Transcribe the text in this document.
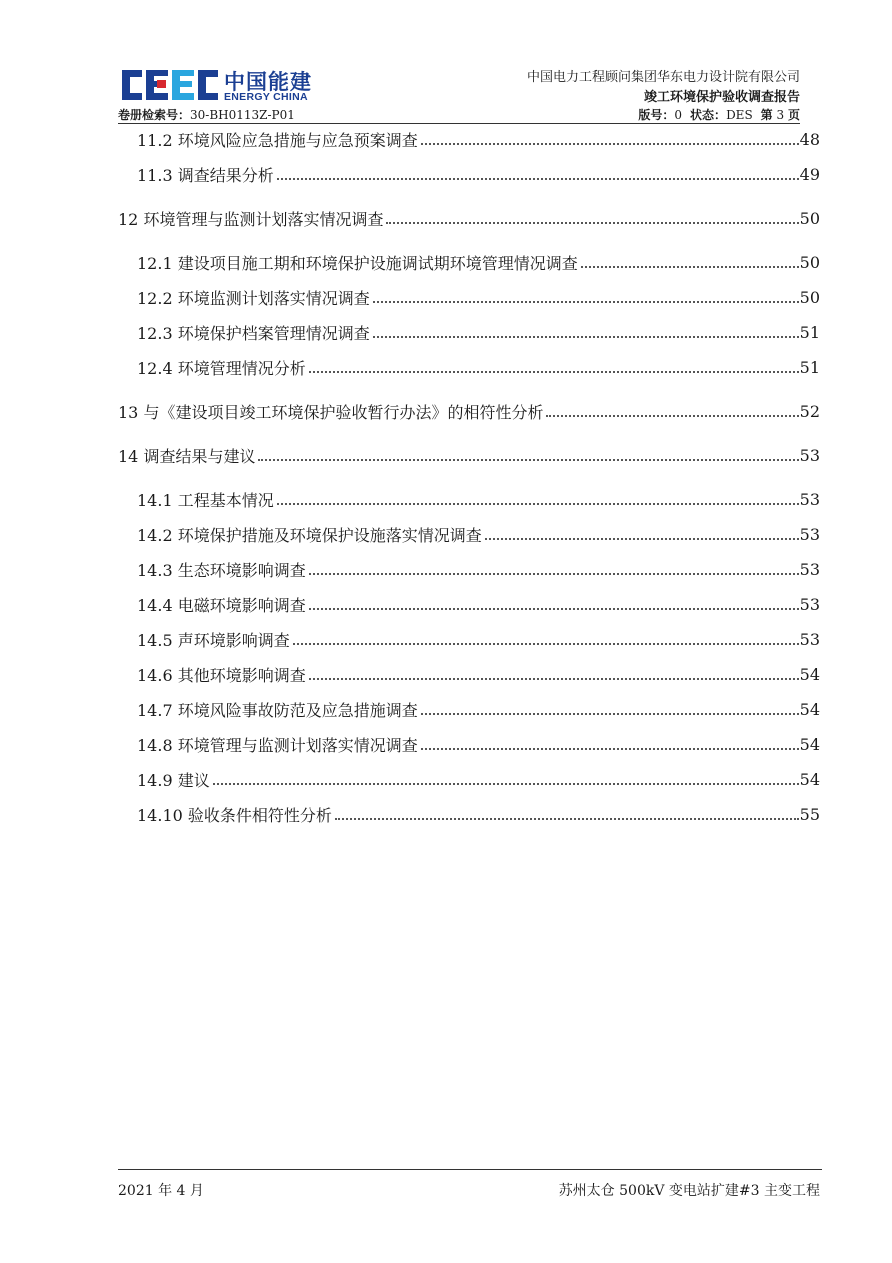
中国能建
ENERGY CHINA
中国电力工程顾问集团华东电力设计院有限公司
竣工环境保护验收调查报告
卷册检索号：30-BH0113Z-P01	版号：0 状态：DES 第 3 页
11.2 环境风险应急措施与应急预案调查	48
11.3 调查结果分析	49
12 环境管理与监测计划落实情况调查	50
12.1 建设项目施工期和环境保护设施调试期环境管理情况调查	50
12.2 环境监测计划落实情况调查	50
12.3 环境保护档案管理情况调查	51
12.4 环境管理情况分析	51
13 与《建设项目竣工环境保护验收暂行办法》的相符性分析	52
14 调查结果与建议	53
14.1 工程基本情况	53
14.2 环境保护措施及环境保护设施落实情况调查	53
14.3 生态环境影响调查	53
14.4 电磁环境影响调查	53
14.5 声环境影响调查	53
14.6 其他环境影响调查	54
14.7 环境风险事故防范及应急措施调查	54
14.8 环境管理与监测计划落实情况调查	54
14.9 建议	54
14.10 验收条件相符性分析	55
2021 年 4 月	苏州太仓 500kV 变电站扩建#3 主变工程
